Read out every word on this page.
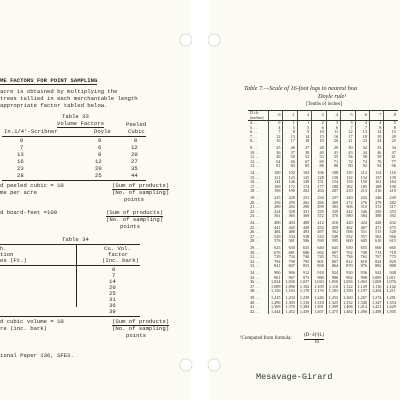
ME FACTORS FOR POINT SAMPLING
acre is obtained by multiplying the
trees tallied in each merchantable length
appropriate factor tabled below.
Table 33
Volume Factors	Peeled
In.1/4'-Scribner	Doyle	Cubic
0	0	0
7	6	12
13	8	20
16	12	27
23	20	35
28	25	44
d peeled cubic = 10	(Sum of products)
me per acre	(No. of sampling)
points
d board-feet =100	(Sum of products)
(No. of sampling)
points
Table 34
h.	Cu. Vol.
tion	factor
es (Ft.)	(Inc. bark)
0
7
14
20
25
31
36
39
d cubic volume = 10	(Sum of products)
re (inc. bark)	(No. of sampling)
points
ional Paper 136, SFES.
Table 7.—Scale of 16-foot logs to nearest boa
Doyle rule¹
[Tenths of inches]
D.i.b. (inches)	.0	.1	.2	.3	.4	.5	.6	.7	.8
4. . .	0	1	1	2	3	3	4	4	5
5. . .	4	5	5	6	6	7	7	8	8
6. . .	7	8	9	10	11	12	13	14	15
7. . .	12	13	14	15	16	17	18	19	20
8. . .	16	17	18	19	20	21	23	24	25
9. . .	25	26	27	28	29	30	32	33	34
10. . .	36	37	38	40	41	43	44	46	47
11. . .	49	50	52	53	55	56	58	59	61
12. . .	64	66	67	69	71	72	74	76	77
13. . .	81	83	85	86	88	90	92	94	96
14. . .	100	102	104	106	108	110	112	114	116
15. . .	121	123	125	128	130	132	134	137	139
16. . .	144	146	149	151	154	156	159	161	164
17. . .	169	172	174	177	180	182	185	188	190
18. . .	196	199	202	204	207	210	213	216	219
19. . .	225	228	231	234	237	240	243	246	249
20. . .	256	259	262	266	269	272	276	279	282
21. . .	289	292	296	299	303	306	310	313	317
22. . .	324	328	331	335	339	342	346	350	353
23. . .	361	365	369	372	376	380	384	388	392
24. . .	400	404	408	412	416	420	424	428	432
25. . .	441	445	449	454	458	462	467	471	475
26. . .	484	488	493	497	502	506	511	515	520
27. . .	529	534	538	543	548	552	557	562	566
28. . .	576	581	586	590	595	600	605	610	615
29. . .	625	630	635	640	645	650	655	660	665
30. . .	676	681	686	692	697	702	708	713	718
31. . .	729	734	740	745	751	756	762	767	773
32. . .	784	790	795	801	807	812	818	824	829
33. . .	841	847	853	858	864	870	876	882	888
34. . .	900	906	912	918	924	930	936	942	948
35. . .	961	967	973	980	986	992	998	1,005	1,011
36. . .	1,024	1,030	1,037	1,043	1,050	1,056	1,063	1,069	1,076
37. . .	1,089	1,096	1,102	1,109	1,116	1,122	1,129	1,136	1,142
38. . .	1,156	1,163	1,170	1,176	1,183	1,190	1,197	1,204	1,211
39. . .	1,225	1,232	1,239	1,246	1,253	1,260	1,267	1,274	1,281
40. . .	1,296	1,303	1,310	1,318	1,325	1,332	1,340	1,347	1,354
41. . .	1,369	1,376	1,384	1,391	1,399	1,406	1,414	1,421	1,429
42. . .	1,444	1,452	1,459	1,467	1,475	1,482	1,490	1,498	1,505
¹Computed from formula:
(D−4)²(L)
16
Mesavage-Girard
